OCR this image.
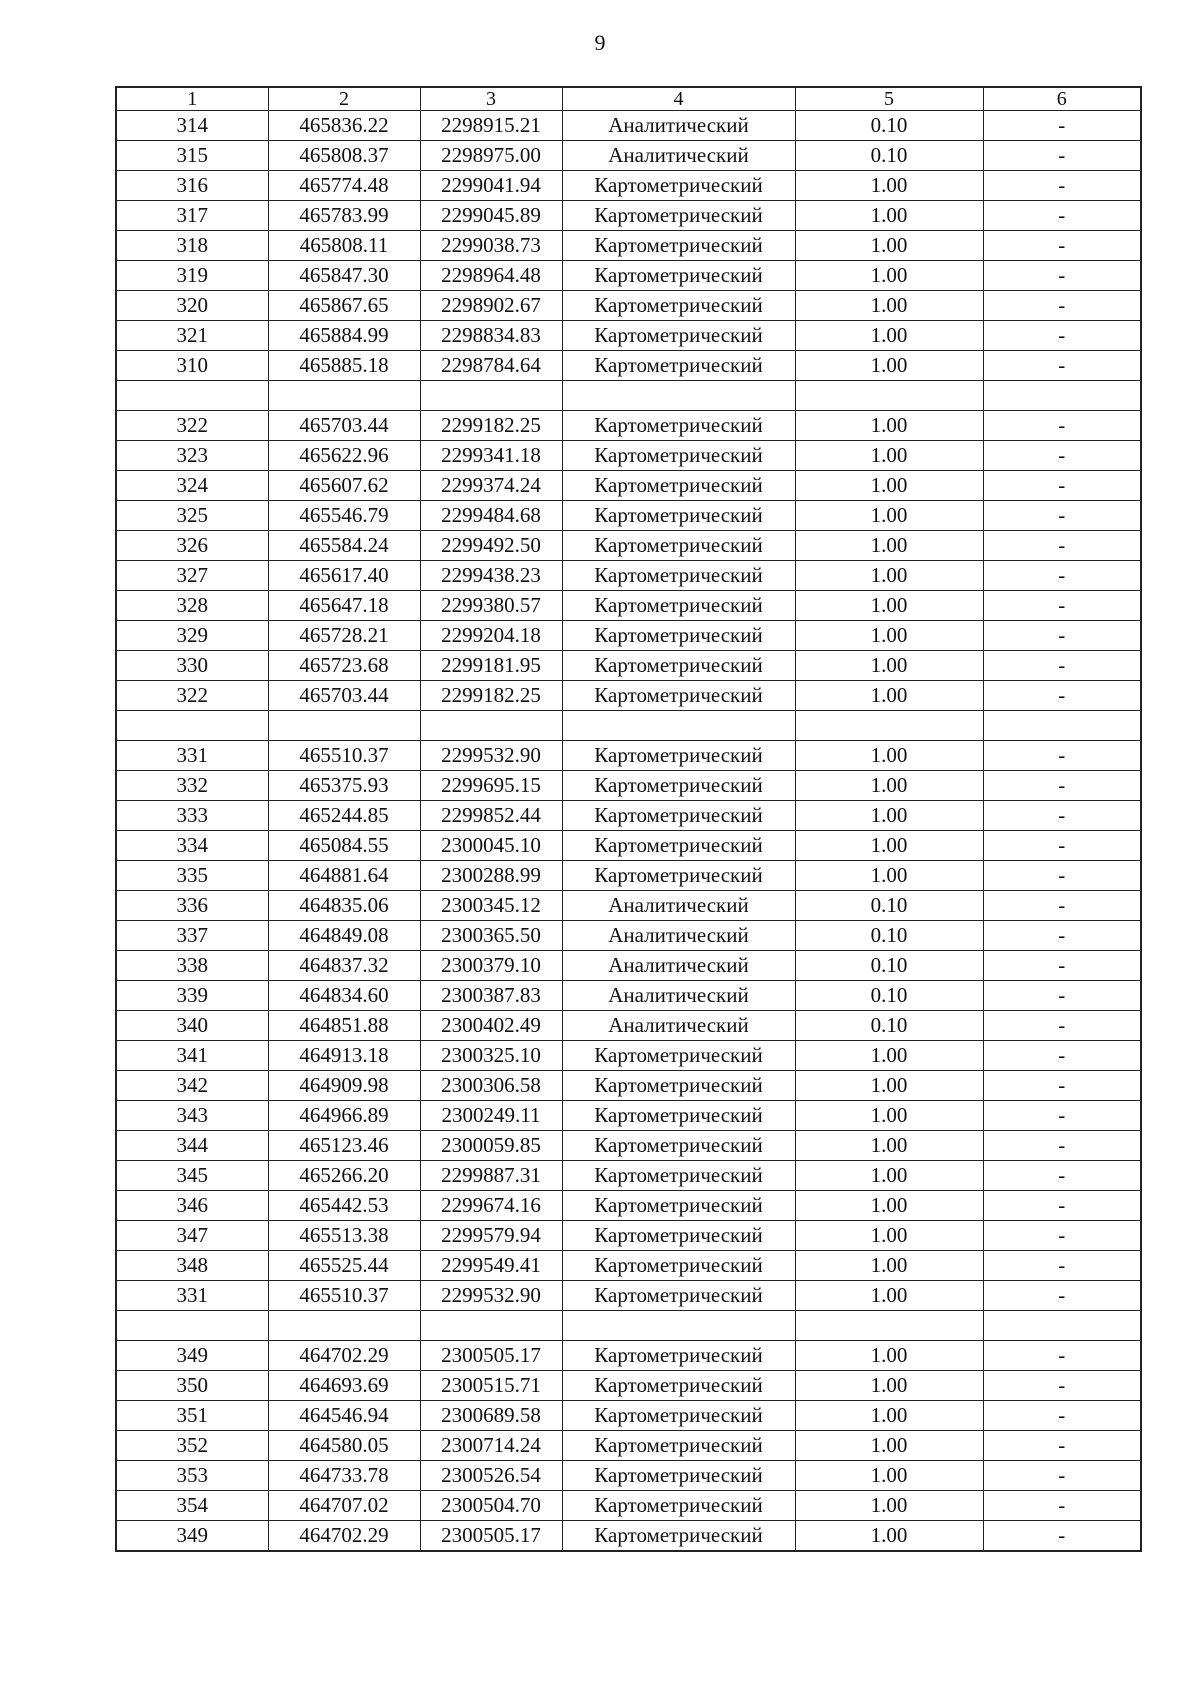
9
1	2	3	4	5	6
314	465836.22	2298915.21	Аналитический	0.10	-
315	465808.37	2298975.00	Аналитический	0.10	-
316	465774.48	2299041.94	Картометрический	1.00	-
317	465783.99	2299045.89	Картометрический	1.00	-
318	465808.11	2299038.73	Картометрический	1.00	-
319	465847.30	2298964.48	Картометрический	1.00	-
320	465867.65	2298902.67	Картометрический	1.00	-
321	465884.99	2298834.83	Картометрический	1.00	-
310	465885.18	2298784.64	Картометрический	1.00	-

322	465703.44	2299182.25	Картометрический	1.00	-
323	465622.96	2299341.18	Картометрический	1.00	-
324	465607.62	2299374.24	Картометрический	1.00	-
325	465546.79	2299484.68	Картометрический	1.00	-
326	465584.24	2299492.50	Картометрический	1.00	-
327	465617.40	2299438.23	Картометрический	1.00	-
328	465647.18	2299380.57	Картометрический	1.00	-
329	465728.21	2299204.18	Картометрический	1.00	-
330	465723.68	2299181.95	Картометрический	1.00	-
322	465703.44	2299182.25	Картометрический	1.00	-

331	465510.37	2299532.90	Картометрический	1.00	-
332	465375.93	2299695.15	Картометрический	1.00	-
333	465244.85	2299852.44	Картометрический	1.00	-
334	465084.55	2300045.10	Картометрический	1.00	-
335	464881.64	2300288.99	Картометрический	1.00	-
336	464835.06	2300345.12	Аналитический	0.10	-
337	464849.08	2300365.50	Аналитический	0.10	-
338	464837.32	2300379.10	Аналитический	0.10	-
339	464834.60	2300387.83	Аналитический	0.10	-
340	464851.88	2300402.49	Аналитический	0.10	-
341	464913.18	2300325.10	Картометрический	1.00	-
342	464909.98	2300306.58	Картометрический	1.00	-
343	464966.89	2300249.11	Картометрический	1.00	-
344	465123.46	2300059.85	Картометрический	1.00	-
345	465266.20	2299887.31	Картометрический	1.00	-
346	465442.53	2299674.16	Картометрический	1.00	-
347	465513.38	2299579.94	Картометрический	1.00	-
348	465525.44	2299549.41	Картометрический	1.00	-
331	465510.37	2299532.90	Картометрический	1.00	-

349	464702.29	2300505.17	Картометрический	1.00	-
350	464693.69	2300515.71	Картометрический	1.00	-
351	464546.94	2300689.58	Картометрический	1.00	-
352	464580.05	2300714.24	Картометрический	1.00	-
353	464733.78	2300526.54	Картометрический	1.00	-
354	464707.02	2300504.70	Картометрический	1.00	-
349	464702.29	2300505.17	Картометрический	1.00	-
